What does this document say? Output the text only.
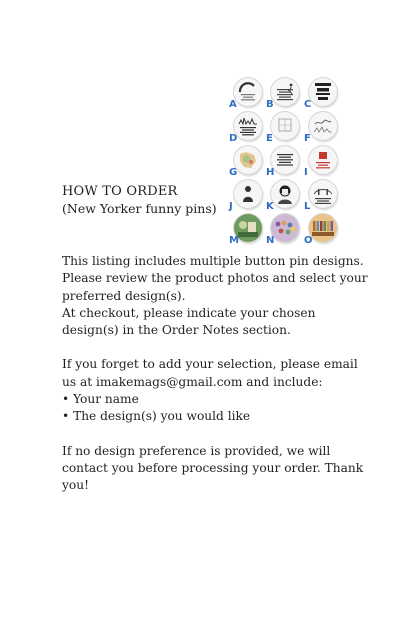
A	B	C
D	E	F
G	H	I
J	K	L
M	N	O
HOW TO ORDER
(New Yorker funny pins)

This listing includes multiple button pin designs. Please review the product photos and select your preferred design(s).

At checkout, please indicate your chosen design(s) in the Order Notes section.

If you forget to add your selection, please email us at imakemags@gmail.com and include:

• Your name

• The design(s) you would like

If no design preference is provided, we will contact you before processing your order. Thank you!
